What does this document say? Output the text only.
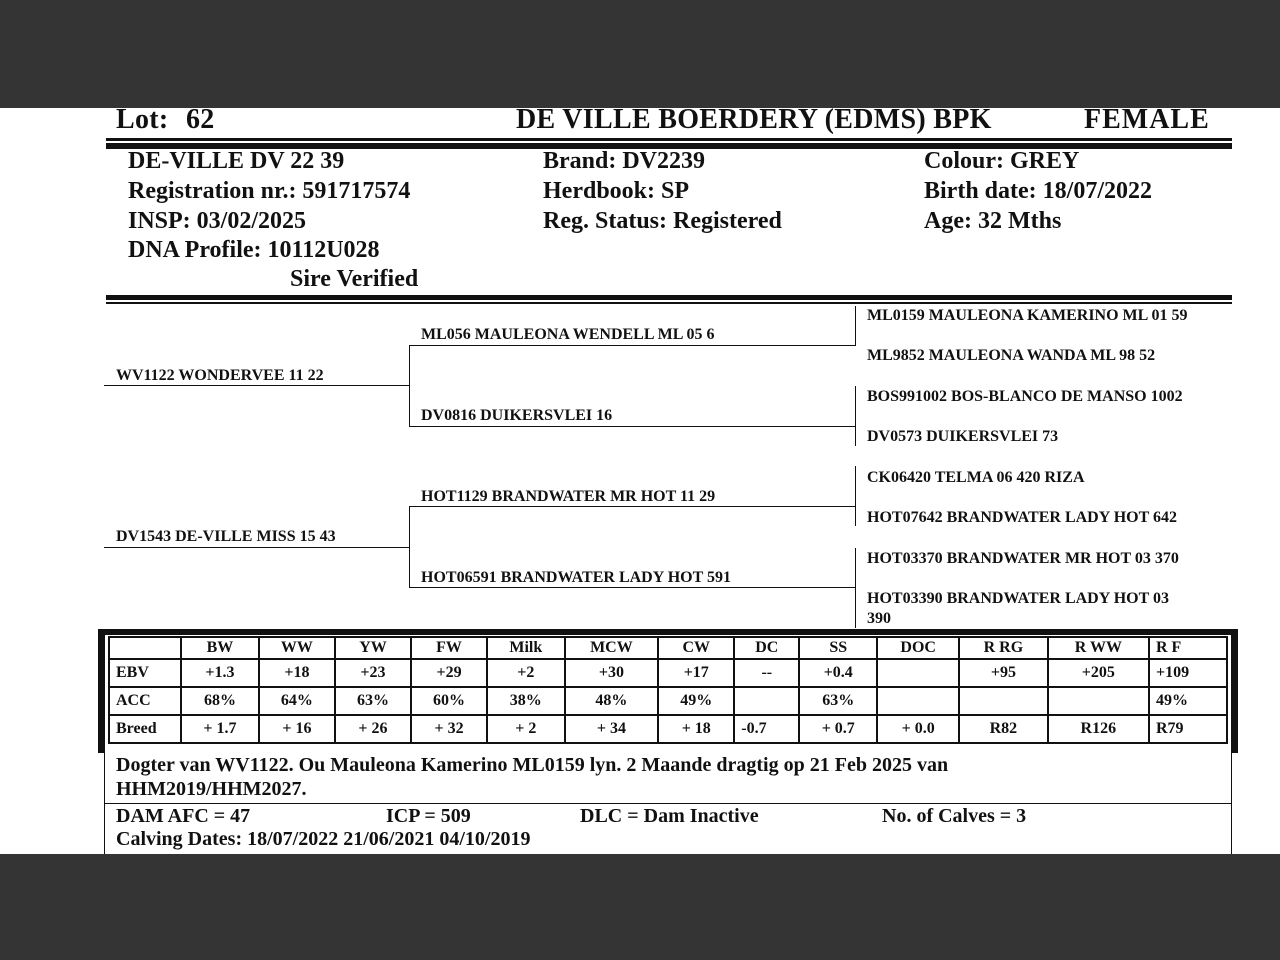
Lot: 62	DE VILLE BOERDERY (EDMS) BPK	FEMALE
DE-VILLE DV 22 39
Registration nr.: 591717574
INSP: 03/02/2025
DNA Profile: 10112U028
Sire Verified
Brand: DV2239
Herdbook: SP
Reg. Status: Registered
Colour: GREY
Birth date: 18/07/2022
Age: 32 Mths
WV1122 WONDERVEE 11 22
DV1543 DE-VILLE MISS 15 43
ML056 MAULEONA WENDELL ML 05 6
DV0816 DUIKERSVLEI 16
HOT1129 BRANDWATER MR HOT 11 29
HOT06591 BRANDWATER LADY HOT 591
ML0159 MAULEONA KAMERINO ML 01 59
ML9852 MAULEONA WANDA ML 98 52
BOS991002 BOS-BLANCO DE MANSO 1002
DV0573 DUIKERSVLEI 73
CK06420 TELMA 06 420 RIZA
HOT07642 BRANDWATER LADY HOT 642
HOT03370 BRANDWATER MR HOT 03 370
HOT03390 BRANDWATER LADY HOT 03
390
	BW	WW	YW	FW	Milk	MCW	CW	DC	SS	DOC	R RG	R WW	R F
EBV	+1.3	+18	+23	+29	+2	+30	+17	--	+0.4		+95	+205	+109
ACC	68%	64%	63%	60%	38%	48%	49%		63%				49%
Breed	+ 1.7	+ 16	+ 26	+ 32	+ 2	+ 34	+ 18	-0.7	+ 0.7	+ 0.0	R82	R126	R79
Dogter van WV1122. Ou Mauleona Kamerino ML0159 lyn. 2 Maande dragtig op 21 Feb 2025 van
HHM2019/HHM2027.
DAM AFC = 47	ICP = 509	DLC = Dam Inactive	No. of Calves = 3
Calving Dates: 18/07/2022 21/06/2021 04/10/2019
